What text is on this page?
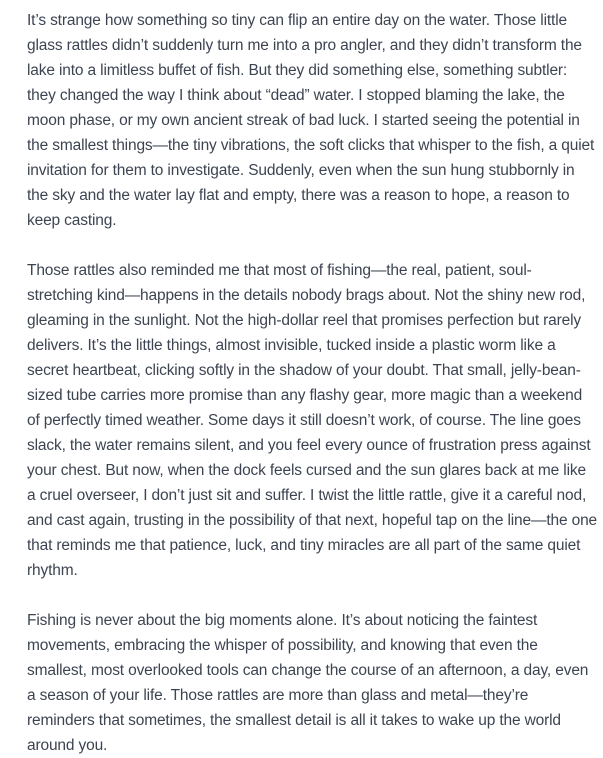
It’s strange how something so tiny can flip an entire day on the water. Those little glass rattles didn’t suddenly turn me into a pro angler, and they didn’t transform the lake into a limitless buffet of fish. But they did something else, something subtler: they changed the way I think about “dead” water. I stopped blaming the lake, the moon phase, or my own ancient streak of bad luck. I started seeing the potential in the smallest things—the tiny vibrations, the soft clicks that whisper to the fish, a quiet invitation for them to investigate. Suddenly, even when the sun hung stubbornly in the sky and the water lay flat and empty, there was a reason to hope, a reason to keep casting.

Those rattles also reminded me that most of fishing—the real, patient, soul-stretching kind—happens in the details nobody brags about. Not the shiny new rod, gleaming in the sunlight. Not the high-dollar reel that promises perfection but rarely delivers. It’s the little things, almost invisible, tucked inside a plastic worm like a secret heartbeat, clicking softly in the shadow of your doubt. That small, jelly-bean-sized tube carries more promise than any flashy gear, more magic than a weekend of perfectly timed weather. Some days it still doesn’t work, of course. The line goes slack, the water remains silent, and you feel every ounce of frustration press against your chest. But now, when the dock feels cursed and the sun glares back at me like a cruel overseer, I don’t just sit and suffer. I twist the little rattle, give it a careful nod, and cast again, trusting in the possibility of that next, hopeful tap on the line—the one that reminds me that patience, luck, and tiny miracles are all part of the same quiet rhythm.

Fishing is never about the big moments alone. It’s about noticing the faintest movements, embracing the whisper of possibility, and knowing that even the smallest, most overlooked tools can change the course of an afternoon, a day, even a season of your life. Those rattles are more than glass and metal—they’re reminders that sometimes, the smallest detail is all it takes to wake up the world around you.
